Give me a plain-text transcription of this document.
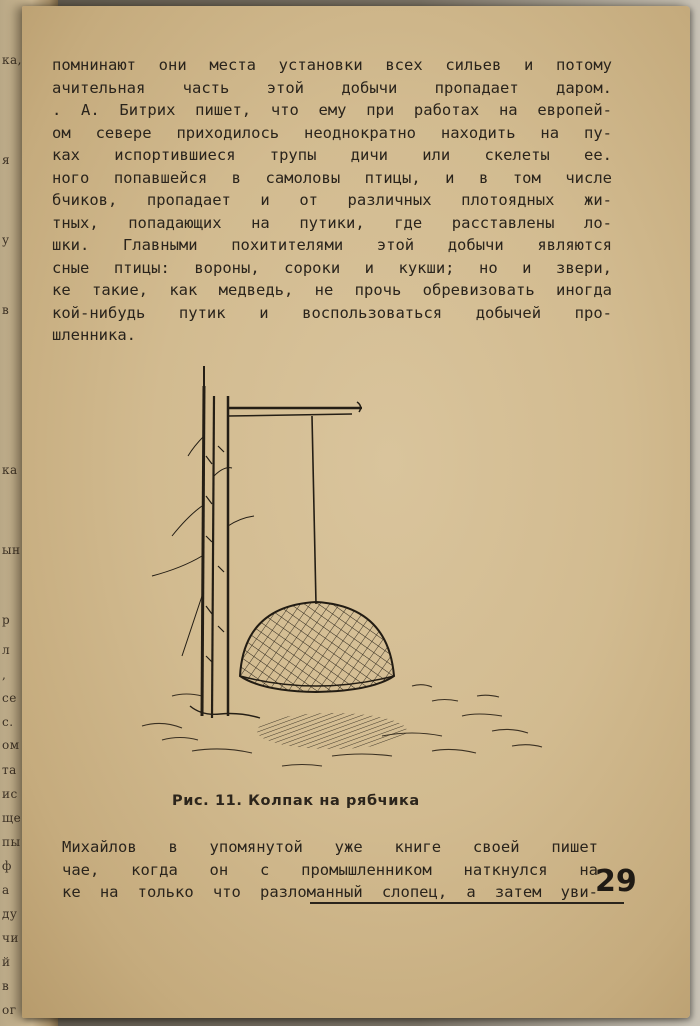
ка,
я
у
в
ка
ын
р
л
,
се
с.
ом
та
ис
ще
пы
ф
а
ду
чи
й
в
ог
помнинают они места установки всех сильев и потому
ачительная часть этой добычи пропадает даром.
. А. Битрих пишет, что ему при работах на европей-
ом севере приходилось неоднократно находить на пу-
ках испортившиеся трупы дичи или скелеты ее.
ного попавшейся в самоловы птицы, и в том числе
бчиков, пропадает и от различных плотоядных жи-
тных, попадающих на путики, где расставлены ло-
шки. Главными похитителями этой добычи являются
сные птицы: вороны, сороки и кукши; но и звери,
ке такие, как медведь, не прочь обревизовать иногда
кой-нибудь путик и воспользоваться добычей про-
шленника.
Рис. 11. Колпак на рябчика
Михайлов в упомянутой уже книге своей пишет
чае, когда он с промышленником наткнулся на
ке на только что разломанный слопец, а затем уви-
29
